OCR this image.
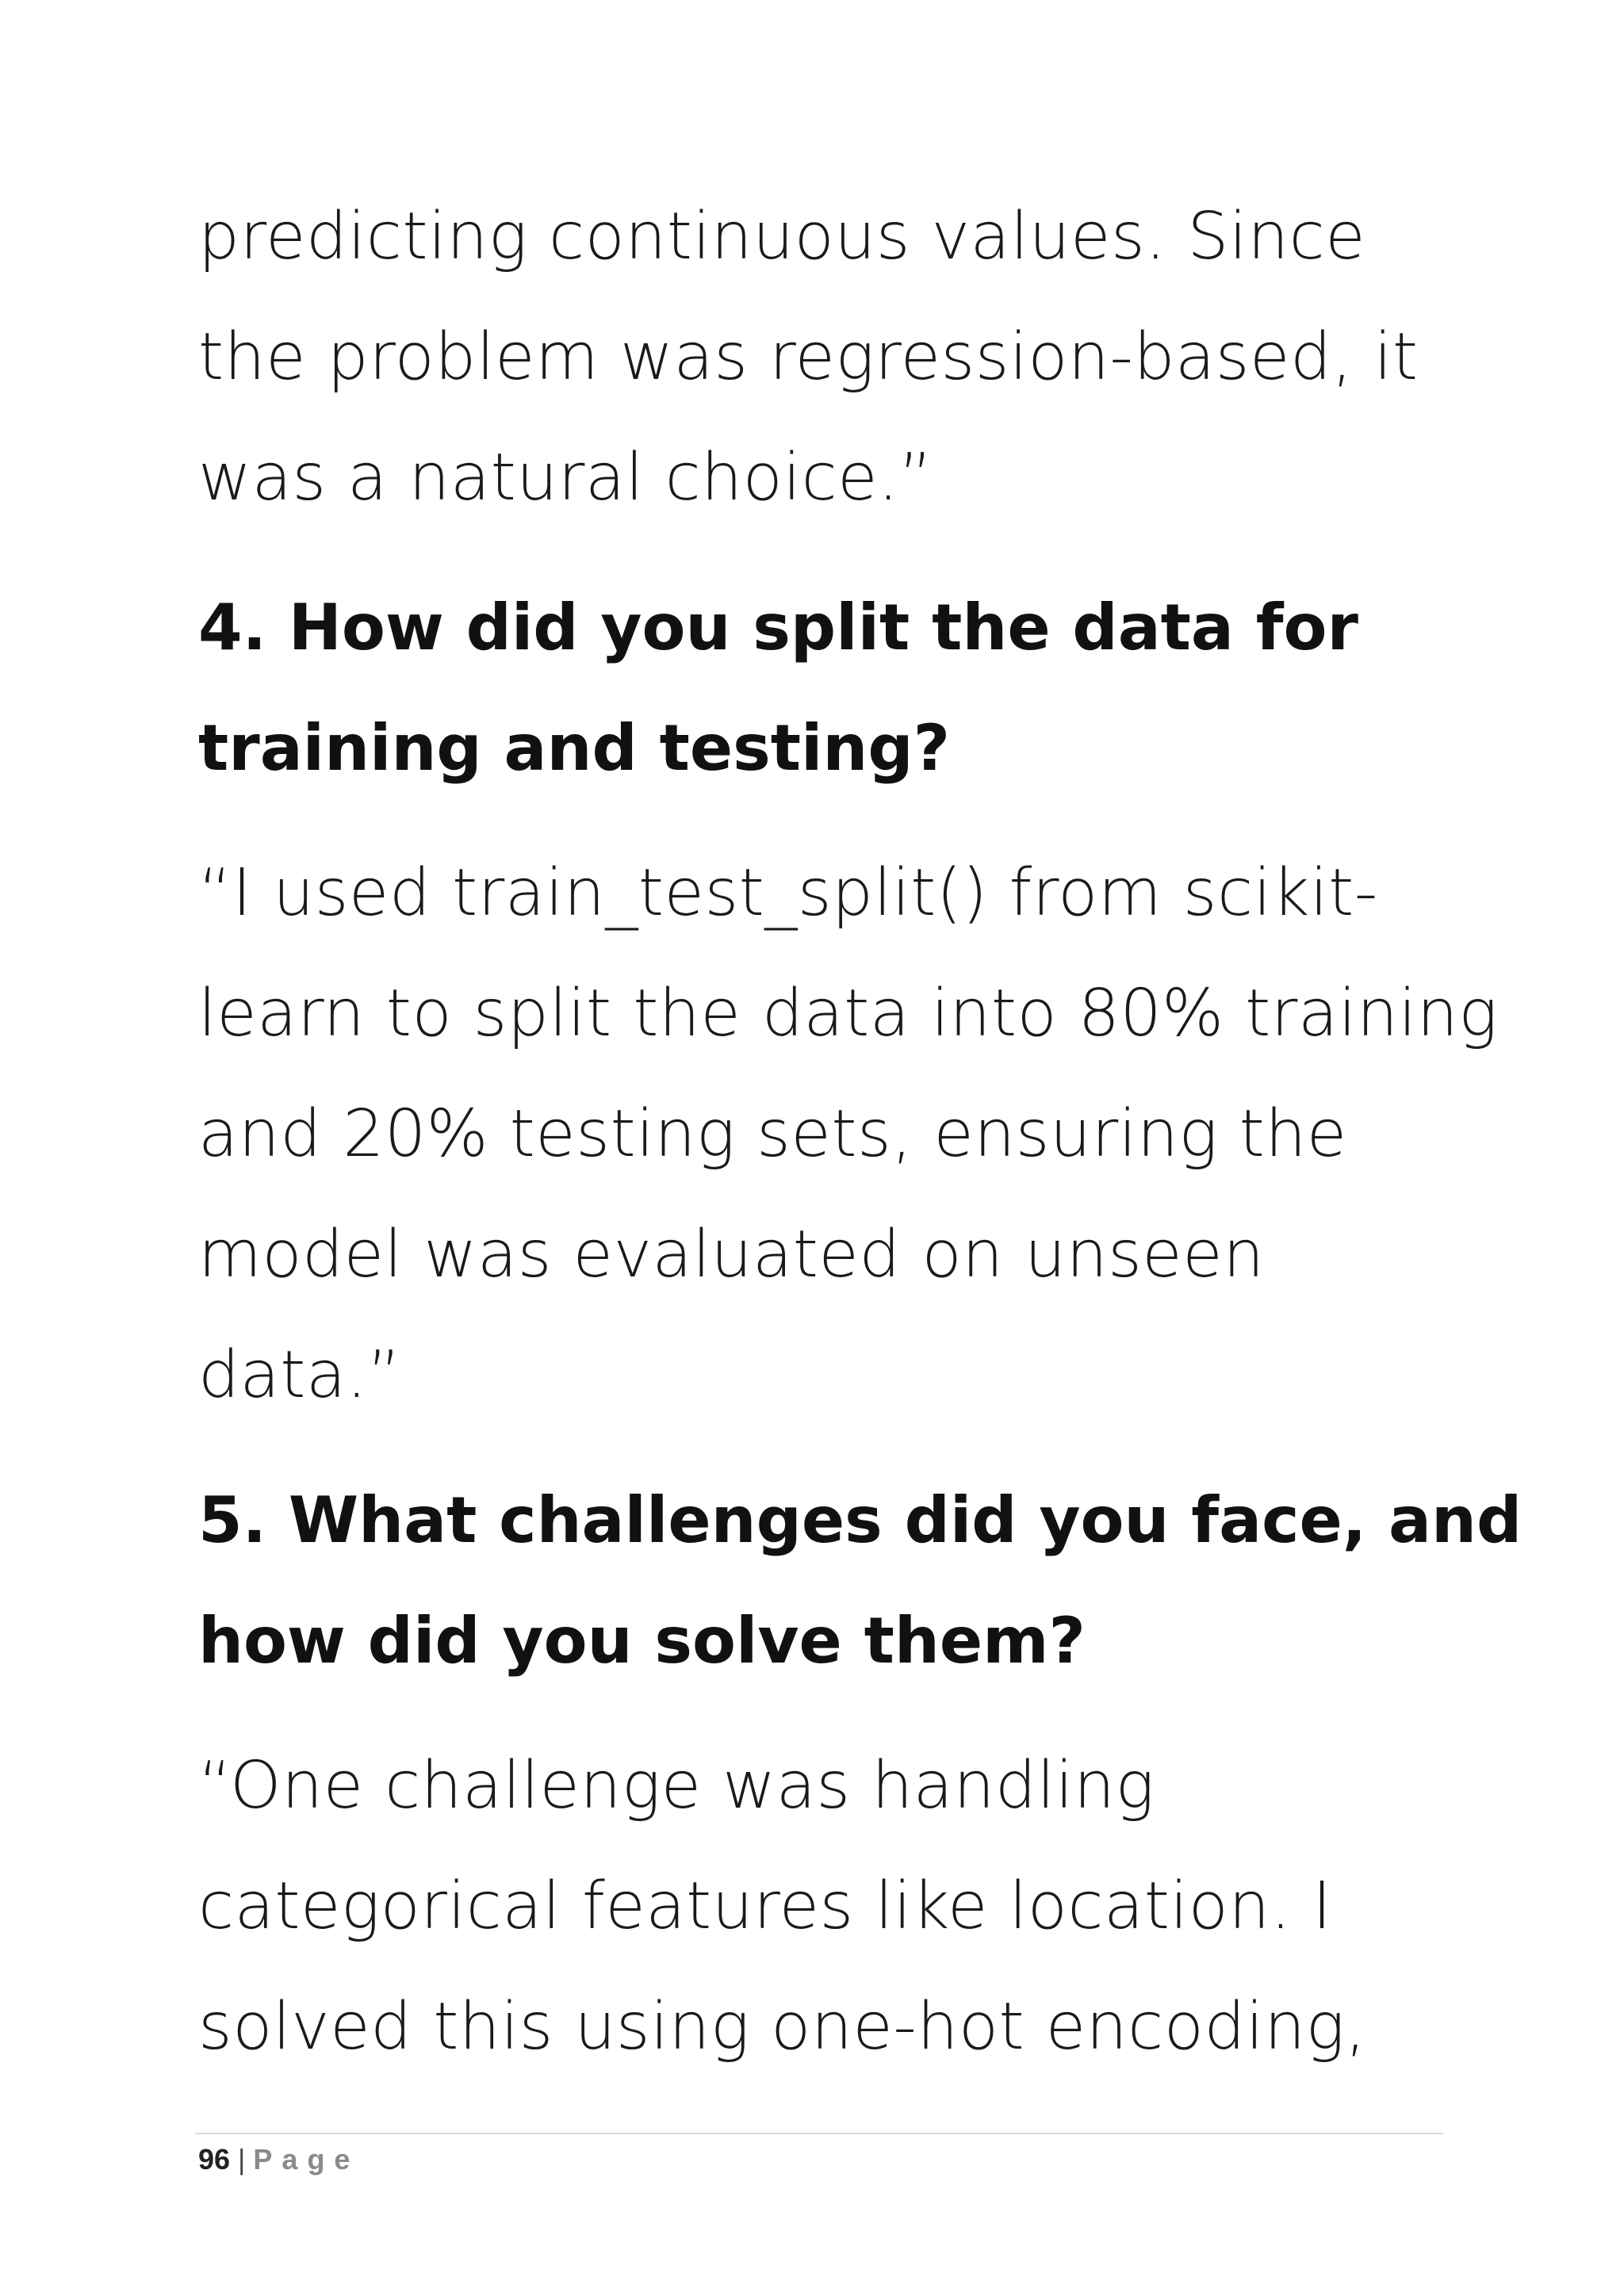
predicting continuous values. Since
the problem was regression-based, it
was a natural choice.”
4. How did you split the data for
training and testing?
“I used train_test_split() from scikit-
learn to split the data into 80% training
and 20% testing sets, ensuring the
model was evaluated on unseen
data.”
5. What challenges did you face, and
how did you solve them?
“One challenge was handling
categorical features like location. I
solved this using one-hot encoding,
96 | Page
